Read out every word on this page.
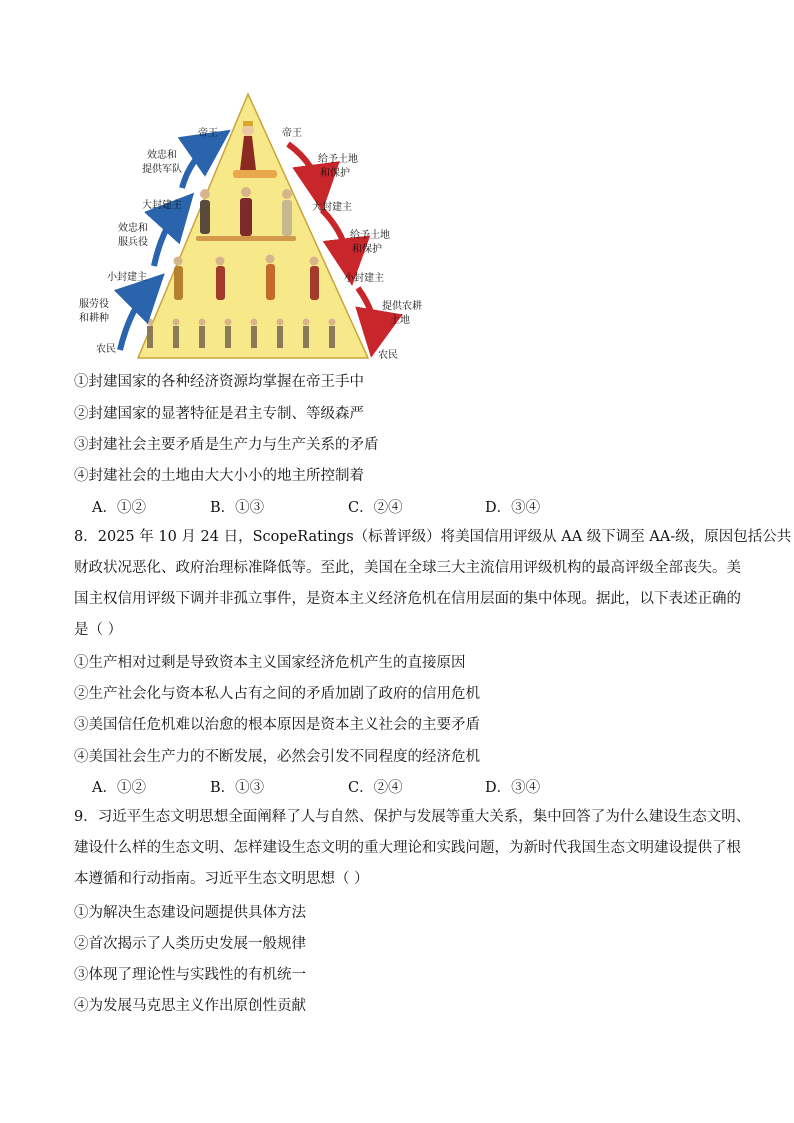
帝王
效忠和
提供军队
大封建主
效忠和
服兵役
小封建主
服劳役
和耕种
农民
帝王
给予土地
和保护
大封建主
给予土地
和保护
小封建主
提供农耕
土地
农民
①封建国家的各种经济资源均掌握在帝王手中
②封建国家的显著特征是君主专制、等级森严
③封建社会主要矛盾是生产力与生产关系的矛盾
④封建社会的土地由大大小小的地主所控制着
A．①②	B．①③	C．②④	D．③④
8．2025 年 10 月 24 日，ScopeRatings（标普评级）将美国信用评级从 AA 级下调至 AA-级，原因包括公共
财政状况恶化、政府治理标准降低等。至此，美国在全球三大主流信用评级机构的最高评级全部丧失。美
国主权信用评级下调并非孤立事件，是资本主义经济危机在信用层面的集中体现。据此，以下表述正确的
是（ ）
①生产相对过剩是导致资本主义国家经济危机产生的直接原因
②生产社会化与资本私人占有之间的矛盾加剧了政府的信用危机
③美国信任危机难以治愈的根本原因是资本主义社会的主要矛盾
④美国社会生产力的不断发展，必然会引发不同程度的经济危机
A．①②	B．①③	C．②④	D．③④
9．习近平生态文明思想全面阐释了人与自然、保护与发展等重大关系，集中回答了为什么建设生态文明、
建设什么样的生态文明、怎样建设生态文明的重大理论和实践问题，为新时代我国生态文明建设提供了根
本遵循和行动指南。习近平生态文明思想（ ）
①为解决生态建设问题提供具体方法
②首次揭示了人类历史发展一般规律
③体现了理论性与实践性的有机统一
④为发展马克思主义作出原创性贡献
